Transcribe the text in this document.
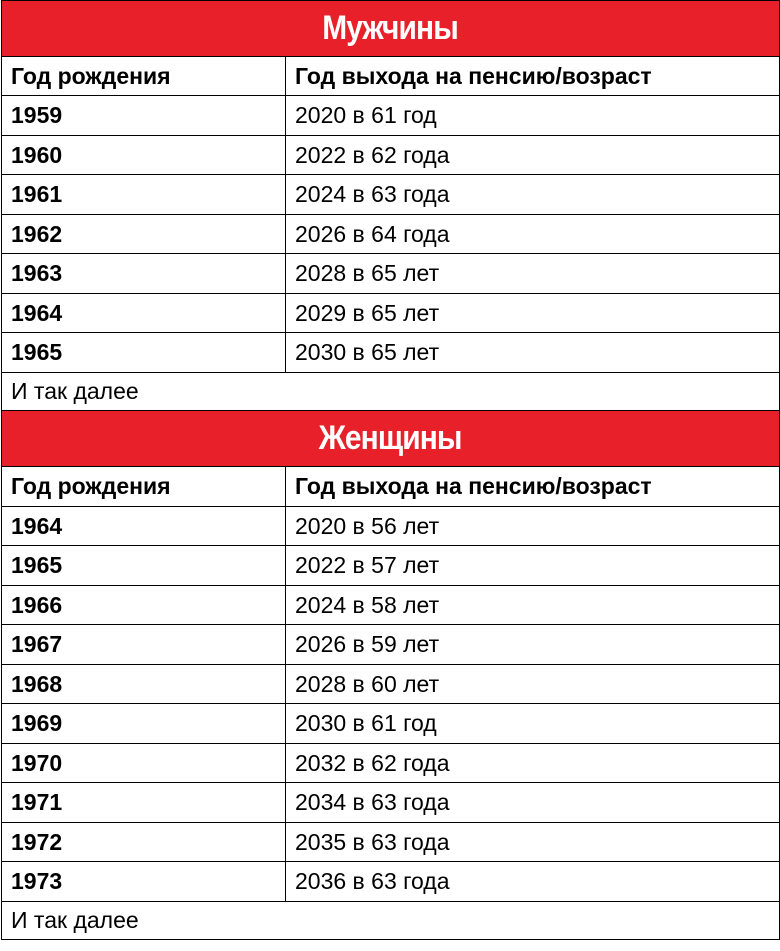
Мужчины	
Год рождения	Год выхода на пенсию/возраст
1959	2020 в 61 год
1960	2022 в 62 года
1961	2024 в 63 года
1962	2026 в 64 года
1963	2028 в 65 лет
1964	2029 в 65 лет
1965	2030 в 65 лет
И так далее	
Женщины	
Год рождения	Год выхода на пенсию/возраст
1964	2020 в 56 лет
1965	2022 в 57 лет
1966	2024 в 58 лет
1967	2026 в 59 лет
1968	2028 в 60 лет
1969	2030 в 61 год
1970	2032 в 62 года
1971	2034 в 63 года
1972	2035 в 63 года
1973	2036 в 63 года
И так далее	
